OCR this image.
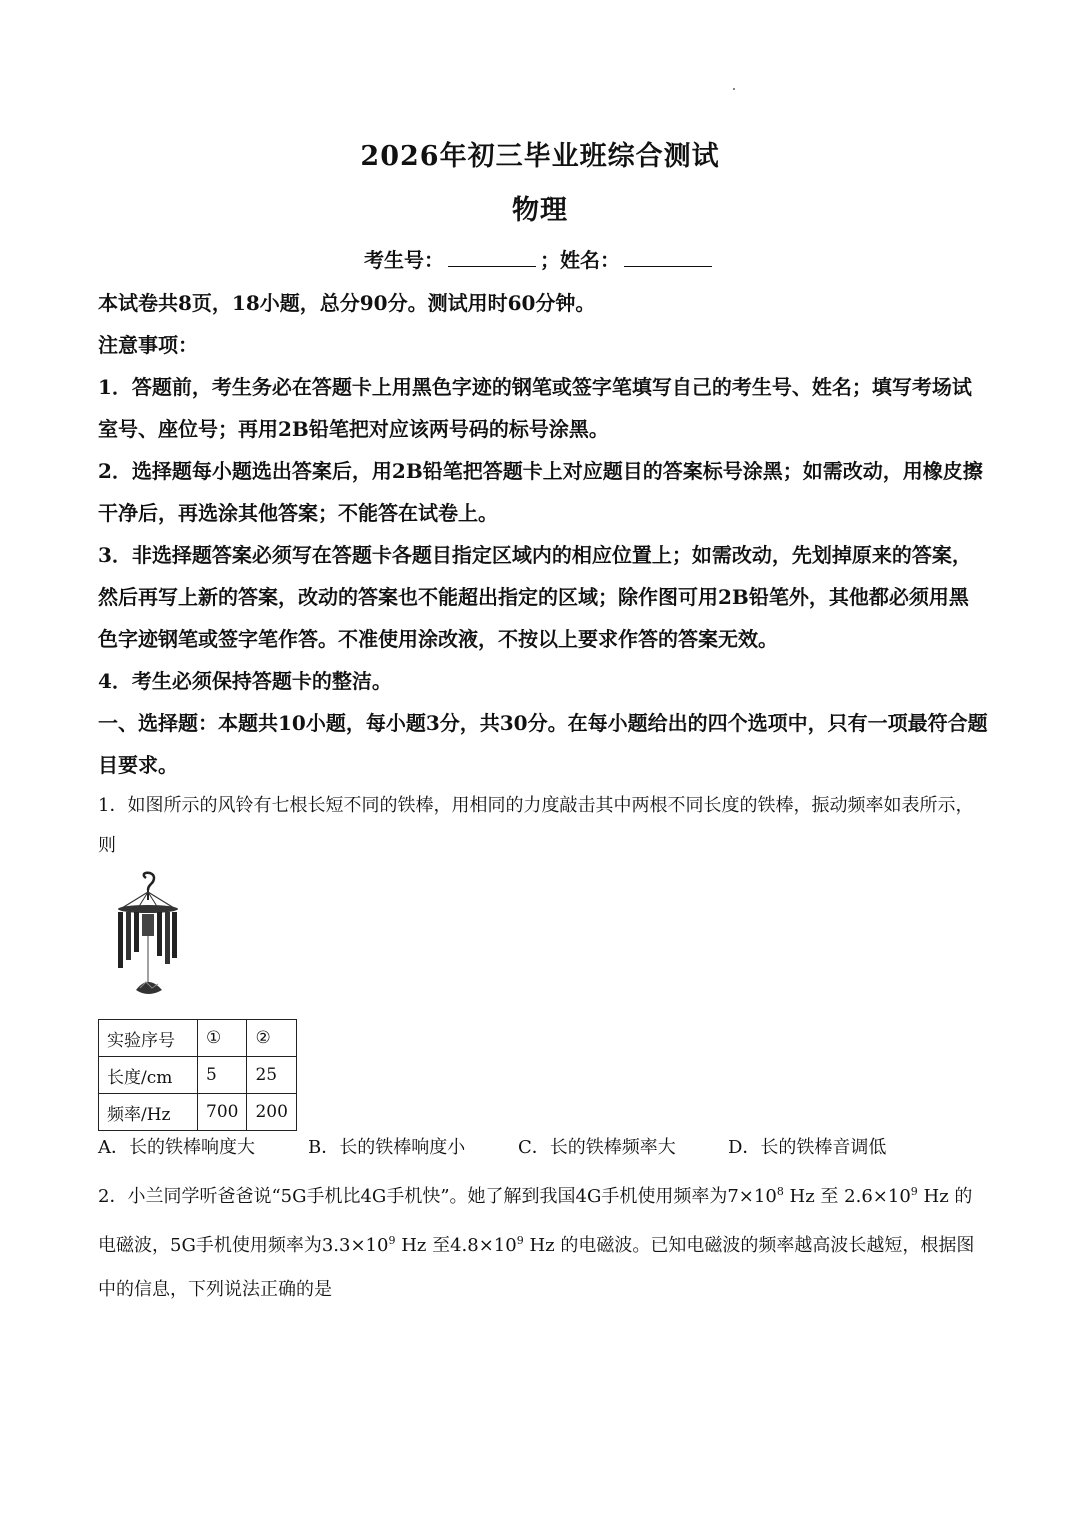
2026年初三毕业班综合测试
物理
考生号：	；姓名：
本试卷共8页，18小题，总分90分。测试用时60分钟。
注意事项：
1．答题前，考生务必在答题卡上用黑色字迹的钢笔或签字笔填写自己的考生号、姓名；填写考场试室号、座位号；再用2B铅笔把对应该两号码的标号涂黑。
2．选择题每小题选出答案后，用2B铅笔把答题卡上对应题目的答案标号涂黑；如需改动，用橡皮擦干净后，再选涂其他答案；不能答在试卷上。
3．非选择题答案必须写在答题卡各题目指定区域内的相应位置上；如需改动，先划掉原来的答案，然后再写上新的答案，改动的答案也不能超出指定的区域；除作图可用2B铅笔外，其他都必须用黑色字迹钢笔或签字笔作答。不准使用涂改液，不按以上要求作答的答案无效。
4．考生必须保持答题卡的整洁。
一、选择题：本题共10小题，每小题3分，共30分。在每小题给出的四个选项中，只有一项最符合题目要求。
1．如图所示的风铃有七根长短不同的铁棒，用相同的力度敲击其中两根不同长度的铁棒，振动频率如表所示，则
实验序号	①	②
长度/cm	5	25
频率/Hz	700	200
A．长的铁棒响度大	B．长的铁棒响度小	C．长的铁棒频率大	D．长的铁棒音调低
2．小兰同学听爸爸说“5G手机比4G手机快”。她了解到我国4G手机使用频率为$7\times 10^8$ Hz 至 $2.6\times 10^9$ Hz 的电磁波，5G手机使用频率为$3.3\times 10^9$ Hz 至$4.8\times 10^9$ Hz 的电磁波。已知电磁波的频率越高波长越短，根据图中的信息，下列说法正确的是
